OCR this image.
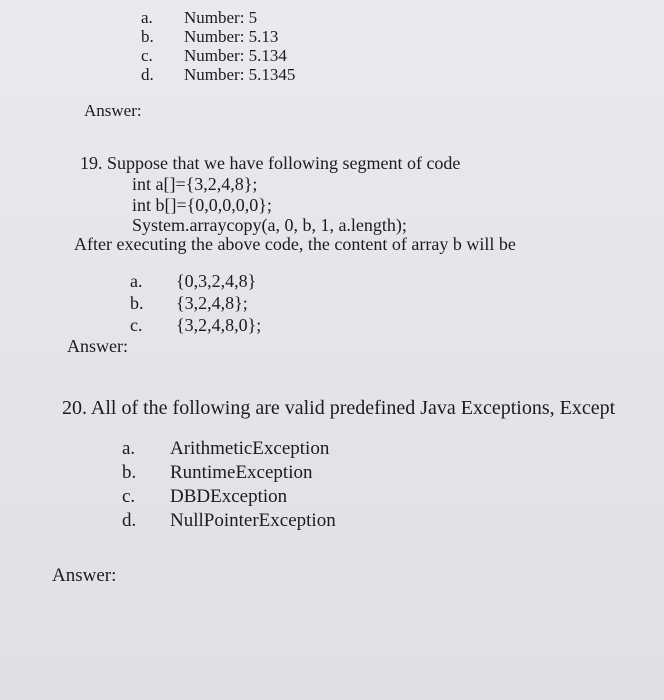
a. Number: 5
b. Number: 5.13
c. Number: 5.134
d. Number: 5.1345
Answer:
19. Suppose that we have following segment of code
int a[]={3,2,4,8};
int b[]={0,0,0,0,0};
System.arraycopy(a, 0, b, 1, a.length);
After executing the above code, the content of array b will be
a. {0,3,2,4,8}
b. {3,2,4,8};
c. {3,2,4,8,0};
Answer:
20. All of the following are valid predefined Java Exceptions, Except
a. ArithmeticException
b. RuntimeException
c. DBDException
d. NullPointerException
Answer:
